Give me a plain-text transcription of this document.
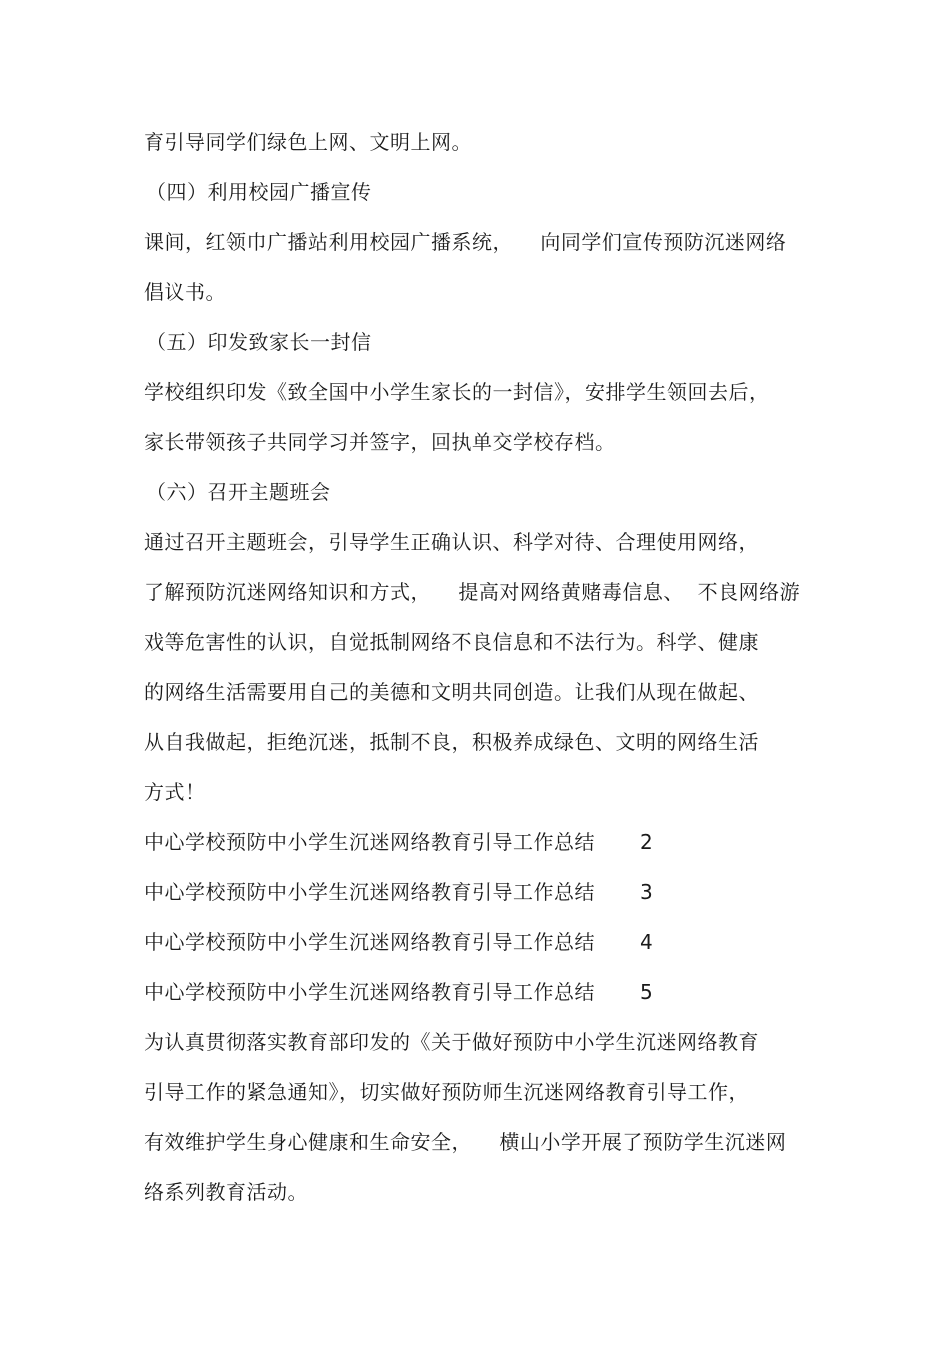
育引导同学们绿色上网、文明上网。
（四）利用校园广播宣传
课间，红领巾广播站利用校园广播系统，    向同学们宣传预防沉迷网络
倡议书。
（五）印发致家长一封信
学校组织印发《致全国中小学生家长的一封信》，安排学生领回去后，
家长带领孩子共同学习并签字，回执单交学校存档。
（六）召开主题班会
通过召开主题班会，引导学生正确认识、科学对待、合理使用网络，
了解预防沉迷网络知识和方式，    提高对网络黄赌毒信息、  不良网络游
戏等危害性的认识，自觉抵制网络不良信息和不法行为。科学、健康
的网络生活需要用自己的美德和文明共同创造。让我们从现在做起、
从自我做起，拒绝沉迷，抵制不良，积极养成绿色、文明的网络生活
方式！
中心学校预防中小学生沉迷网络教育引导工作总结 2
中心学校预防中小学生沉迷网络教育引导工作总结 3
中心学校预防中小学生沉迷网络教育引导工作总结 4
中心学校预防中小学生沉迷网络教育引导工作总结 5
为认真贯彻落实教育部印发的《关于做好预防中小学生沉迷网络教育
引导工作的紧急通知》，切实做好预防师生沉迷网络教育引导工作，
有效维护学生身心健康和生命安全，    横山小学开展了预防学生沉迷网
络系列教育活动。
